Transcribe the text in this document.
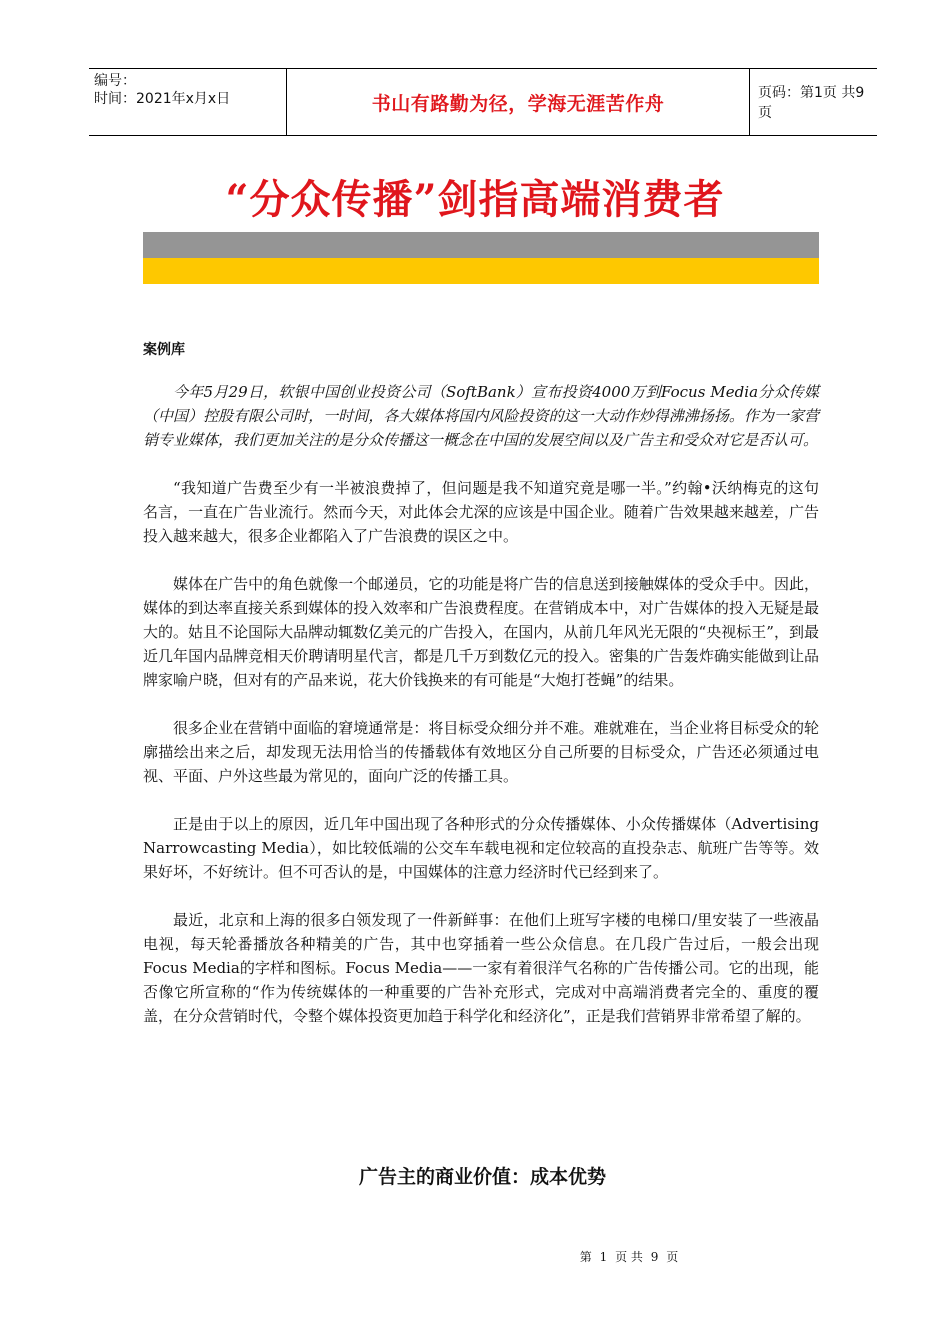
编号：
时间：2021年x月x日	书山有路勤为径，学海无涯苦作舟	页码：第1页 共9页
“分众传播”剑指高端消费者
案例库

今年5月29日，软银中国创业投资公司（SoftBank）宣布投资4000万到Focus Media分众传媒（中国）控股有限公司时，一时间，各大媒体将国内风险投资的这一大动作炒得沸沸扬扬。作为一家营销专业媒体，我们更加关注的是分众传播这一概念在中国的发展空间以及广告主和受众对它是否认可。

“我知道广告费至少有一半被浪费掉了，但问题是我不知道究竟是哪一半。”约翰•沃纳梅克的这句名言，一直在广告业流行。然而今天，对此体会尤深的应该是中国企业。随着广告效果越来越差，广告投入越来越大，很多企业都陷入了广告浪费的误区之中。

媒体在广告中的角色就像一个邮递员，它的功能是将广告的信息送到接触媒体的受众手中。因此，媒体的到达率直接关系到媒体的投入效率和广告浪费程度。在营销成本中，对广告媒体的投入无疑是最大的。姑且不论国际大品牌动辄数亿美元的广告投入，在国内，从前几年风光无限的“央视标王”，到最近几年国内品牌竞相天价聘请明星代言，都是几千万到数亿元的投入。密集的广告轰炸确实能做到让品牌家喻户晓，但对有的产品来说，花大价钱换来的有可能是“大炮打苍蝇”的结果。

很多企业在营销中面临的窘境通常是：将目标受众细分并不难。难就难在，当企业将目标受众的轮廓描绘出来之后，却发现无法用恰当的传播载体有效地区分自己所要的目标受众，广告还必须通过电视、平面、户外这些最为常见的，面向广泛的传播工具。

正是由于以上的原因，近几年中国出现了各种形式的分众传播媒体、小众传播媒体（Advertising Narrowcasting Media），如比较低端的公交车车载电视和定位较高的直投杂志、航班广告等等。效果好坏，不好统计。但不可否认的是，中国媒体的注意力经济时代已经到来了。

最近，北京和上海的很多白领发现了一件新鲜事：在他们上班写字楼的电梯口/里安装了一些液晶电视，每天轮番播放各种精美的广告，其中也穿插着一些公众信息。在几段广告过后，一般会出现Focus Media的字样和图标。Focus Media——一家有着很洋气名称的广告传播公司。它的出现，能否像它所宣称的“作为传统媒体的一种重要的广告补充形式，完成对中高端消费者完全的、重度的覆盖，在分众营销时代，令整个媒体投资更加趋于科学化和经济化”，正是我们营销界非常希望了解的。

广告主的商业价值：成本优势
第 1 页 共 9 页
